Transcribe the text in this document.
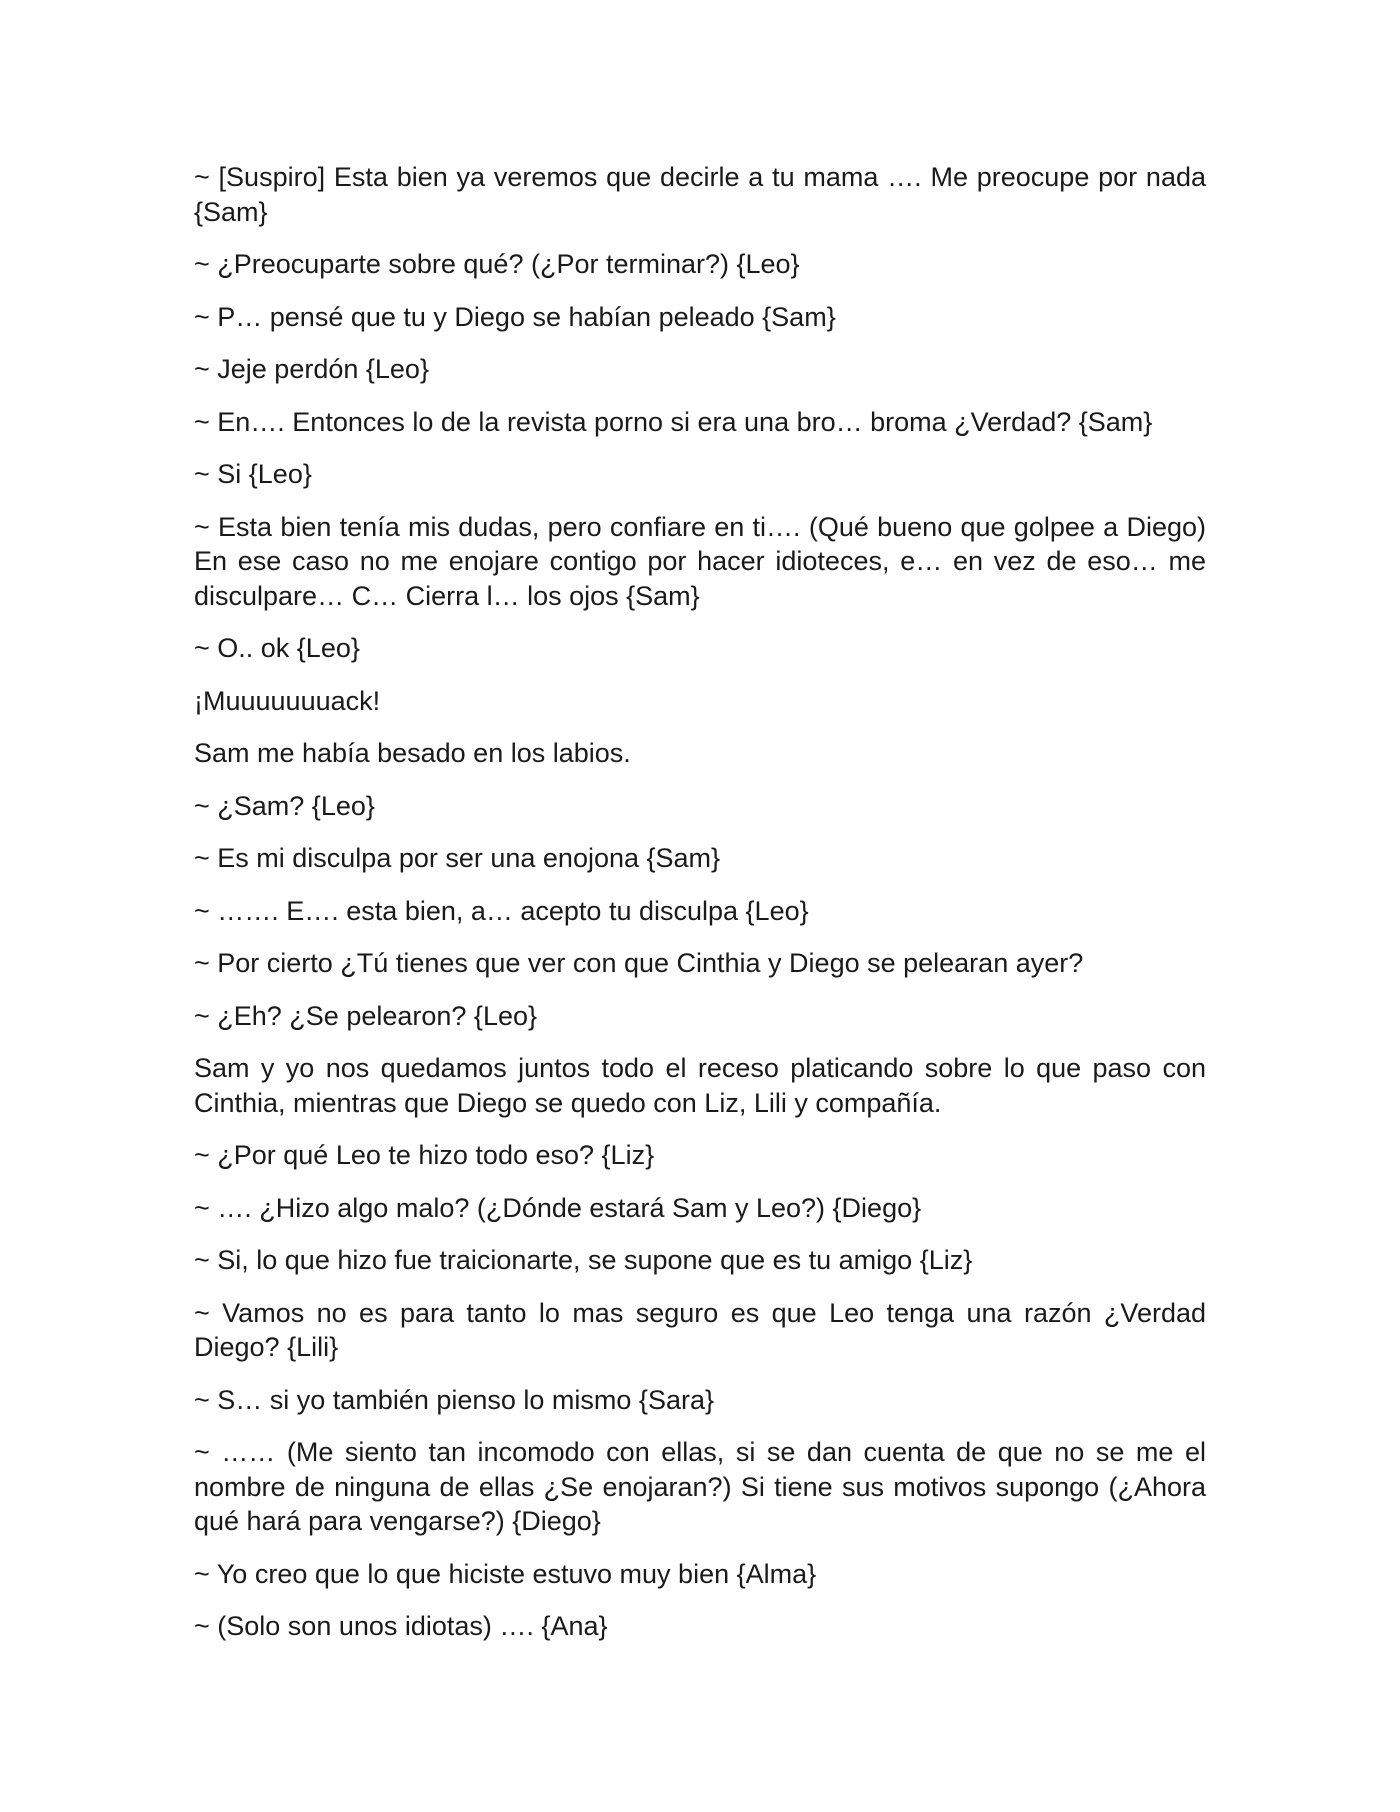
~ [Suspiro] Esta bien ya veremos que decirle a tu mama …. Me preocupe por nada {Sam}

~ ¿Preocuparte sobre qué? (¿Por terminar?) {Leo}

~ P… pensé que tu y Diego se habían peleado {Sam}

~ Jeje perdón {Leo}

~ En…. Entonces lo de la revista porno si era una bro… broma ¿Verdad? {Sam}

~ Si {Leo}

~ Esta bien tenía mis dudas, pero confiare en ti…. (Qué bueno que golpee a Diego) En ese caso no me enojare contigo por hacer idioteces, e… en vez de eso… me disculpare… C… Cierra l… los ojos {Sam}

~ O.. ok {Leo}

¡Muuuuuuuack!

Sam me había besado en los labios.

~ ¿Sam? {Leo}

~ Es mi disculpa por ser una enojona {Sam}

~ ……. E…. esta bien, a… acepto tu disculpa {Leo}

~ Por cierto ¿Tú tienes que ver con que Cinthia y Diego se pelearan ayer?

~ ¿Eh? ¿Se pelearon? {Leo}

Sam y yo nos quedamos juntos todo el receso platicando sobre lo que paso con Cinthia, mientras que Diego se quedo con Liz, Lili y compañía.

~ ¿Por qué Leo te hizo todo eso? {Liz}

~ …. ¿Hizo algo malo? (¿Dónde estará Sam y Leo?) {Diego}

~ Si, lo que hizo fue traicionarte, se supone que es tu amigo {Liz}

~ Vamos no es para tanto lo mas seguro es que Leo tenga una razón ¿Verdad Diego? {Lili}

~ S… si yo también pienso lo mismo {Sara}

~ …… (Me siento tan incomodo con ellas, si se dan cuenta de que no se me el nombre de ninguna de ellas ¿Se enojaran?) Si tiene sus motivos supongo (¿Ahora qué hará para vengarse?) {Diego}

~ Yo creo que lo que hiciste estuvo muy bien {Alma}

~ (Solo son unos idiotas) …. {Ana}
